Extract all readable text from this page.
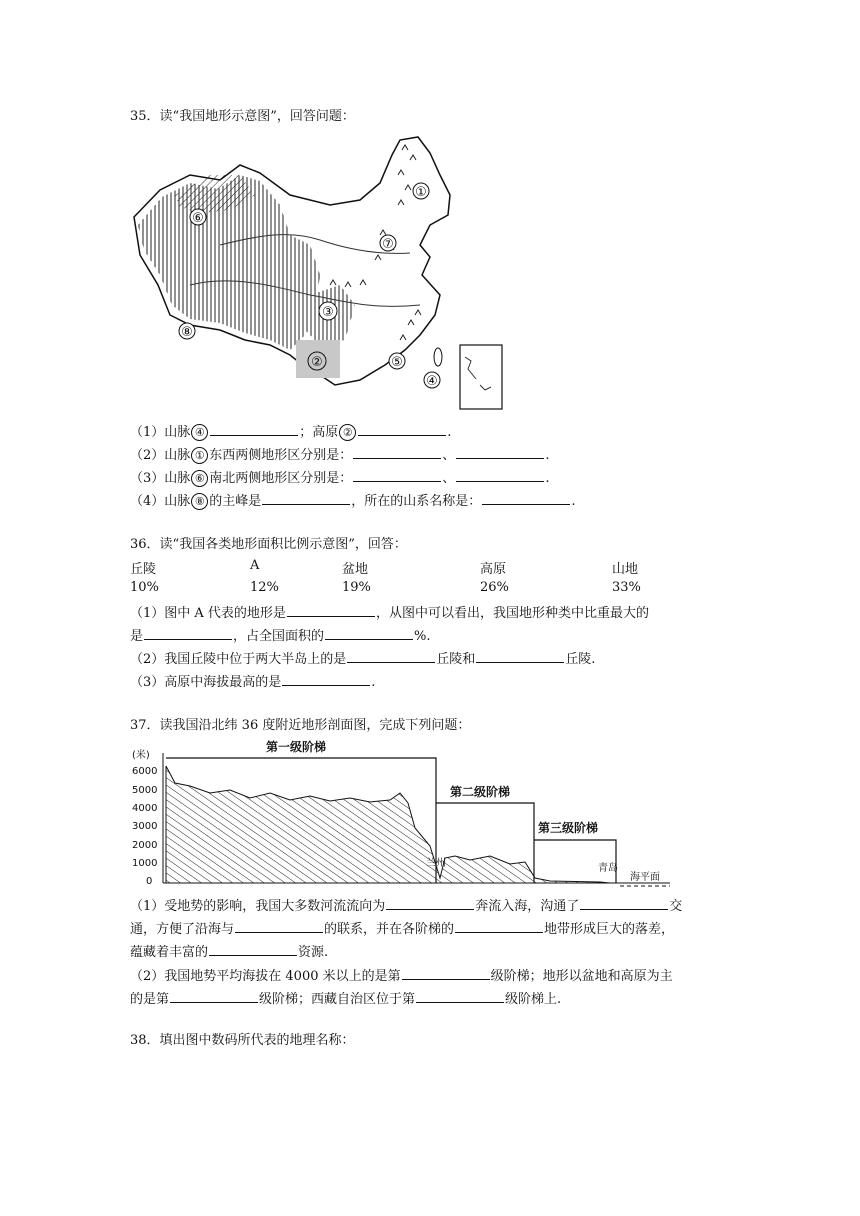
35．读“我国地形示意图”，回答问题：
①
②
③
④
⑤
⑥
⑦
⑧
（1）山脉 ④	；高原 ②	.
（2）山脉 ① 东西两侧地形区分别是：	、	.
（3）山脉 ⑥ 南北两侧地形区分别是：	、	.
（4）山脉 ⑧ 的主峰是	，所在的山系名称是：	.
36．读“我国各类地形面积比例示意图”，回答：
丘陵	A	盆地	高原	山地
10%	12%	19%	26%	33%
（1）图中 A 代表的地形是	，从图中可以看出，我国地形种类中比重最大的
是	，占全国面积的	%.
（2）我国丘陵中位于两大半岛上的是	丘陵和	丘陵.
（3）高原中海拔最高的是	.
37．读我国沿北纬 36 度附近地形剖面图，完成下列问题：
(米)
6000
5000
4000
3000
2000
1000
0
第一级阶梯
第二级阶梯
第三级阶梯
兰州	青岛
海平面
（1）受地势的影响，我国大多数河流流向为	奔流入海，沟通了	交
通，方便了沿海与	的联系，并在各阶梯的	地带形成巨大的落差，
蕴藏着丰富的	资源.
（2）我国地势平均海拔在 4000 米以上的是第	级阶梯；地形以盆地和高原为主
的是第	级阶梯；西藏自治区位于第	级阶梯上.
38．填出图中数码所代表的地理名称：
